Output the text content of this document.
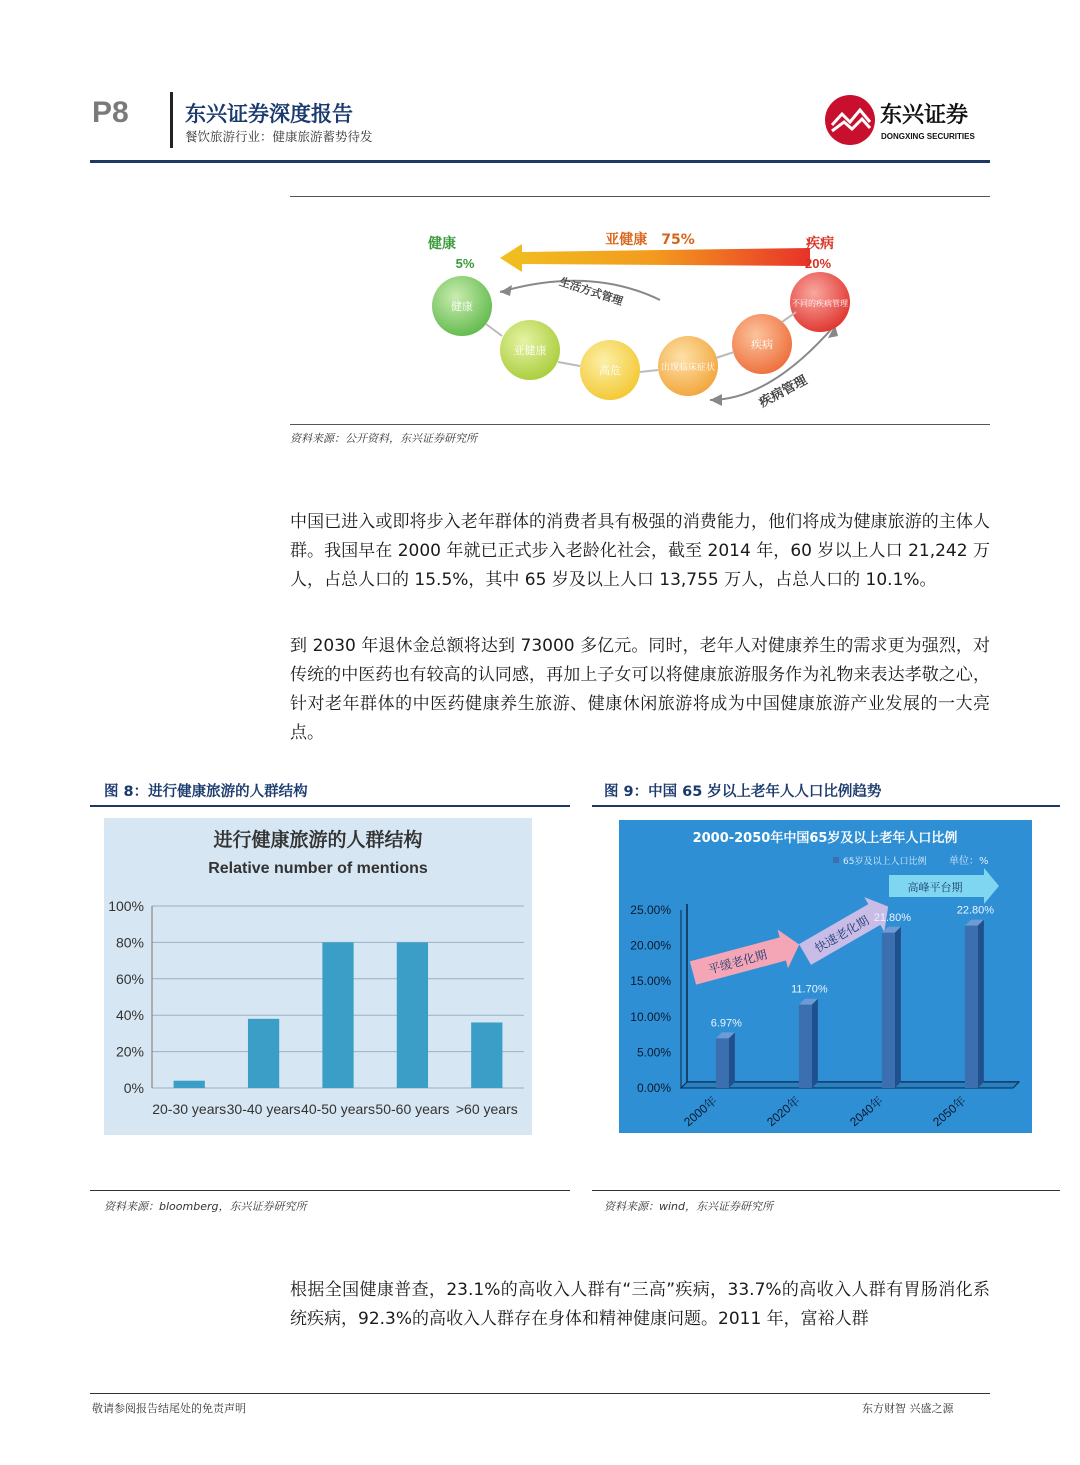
P8	东兴证券深度报告
餐饮旅游行业：健康旅游蓄势待发
东兴证券
DONGXING SECURITIES
健康
5%
亚健康　75%	疾病
20%
生活方式管理
疾病管理
健康
亚健康
高危	出现临床症状
疾病
不同的疾病管理
资料来源：公开资料，东兴证券研究所
中国已进入或即将步入老年群体的消费者具有极强的消费能力，他们将成为健康旅游的主体人群。我国早在 2000 年就已正式步入老龄化社会，截至 2014 年，60 岁以上人口 21,242 万人，占总人口的 15.5%，其中 65 岁及以上人口 13,755 万人，占总人口的 10.1%。
到 2030 年退休金总额将达到 73000 多亿元。同时，老年人对健康养生的需求更为强烈，对传统的中医药也有较高的认同感，再加上子女可以将健康旅游服务作为礼物来表达孝敬之心，针对老年群体的中医药健康养生旅游、健康休闲旅游将成为中国健康旅游产业发展的一大亮点。
图 8：进行健康旅游的人群结构
进行健康旅游的人群结构
Relative number of mentions
0%
20%
40%
60%
80%
100%
20-30 years 30-40 years 40-50 years 50-60 years >60 years
资料来源：bloomberg，东兴证券研究所
图 9：中国 65 岁以上老年人人口比例趋势
2000-2050年中国65岁及以上老年人口比例
65岁及以上人口比例 单位：%
高峰平台期
平缓老化期
快速老化期
0.00%
5.00%
10.00%
15.00%
20.00%
25.00%
2000年	2020年	2040年	2050年
6.97%
11.70%
21.80%
22.80%
资料来源：wind，东兴证券研究所
根据全国健康普查，23.1%的高收入人群有“三高”疾病，33.7%的高收入人群有胃肠消化系统疾病，92.3%的高收入人群存在身体和精神健康问题。2011 年，富裕人群
敬请参阅报告结尾处的免责声明	东方财智 兴盛之源
